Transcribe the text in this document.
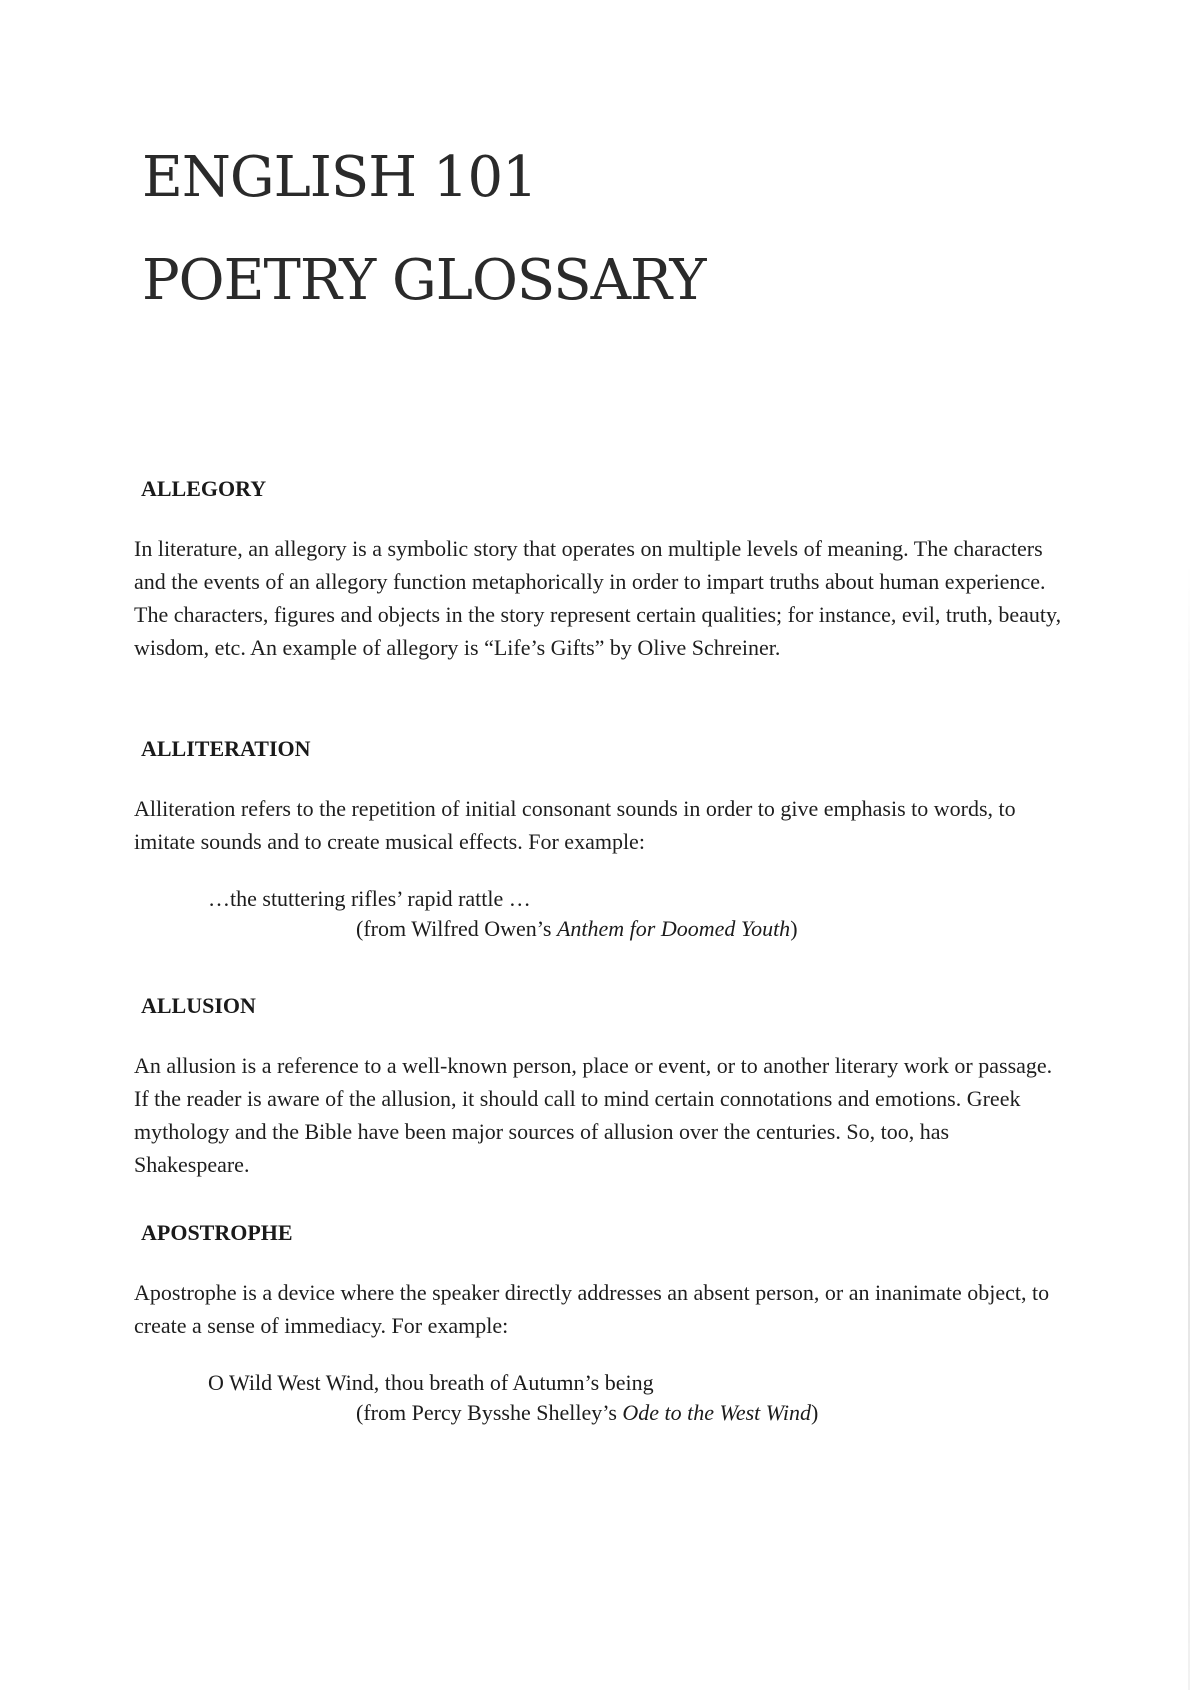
ENGLISH 101
POETRY GLOSSARY
ALLEGORY

In literature, an allegory is a symbolic story that operates on multiple levels of meaning. The characters and the events of an allegory function metaphorically in order to impart truths about human experience. The characters, figures and objects in the story represent certain qualities; for instance, evil, truth, beauty, wisdom, etc. An example of allegory is “Life’s Gifts” by Olive Schreiner.

ALLITERATION

Alliteration refers to the repetition of initial consonant sounds in order to give emphasis to words, to imitate sounds and to create musical effects. For example:

…the stuttering rifles’ rapid rattle …
(from Wilfred Owen’s Anthem for Doomed Youth)
ALLUSION

An allusion is a reference to a well-known person, place or event, or to another literary work or passage. If the reader is aware of the allusion, it should call to mind certain connotations and emotions. Greek mythology and the Bible have been major sources of allusion over the centuries. So, too, has Shakespeare.

APOSTROPHE

Apostrophe is a device where the speaker directly addresses an absent person, or an inanimate object, to create a sense of immediacy. For example:

O Wild West Wind, thou breath of Autumn’s being
(from Percy Bysshe Shelley’s Ode to the West Wind)
